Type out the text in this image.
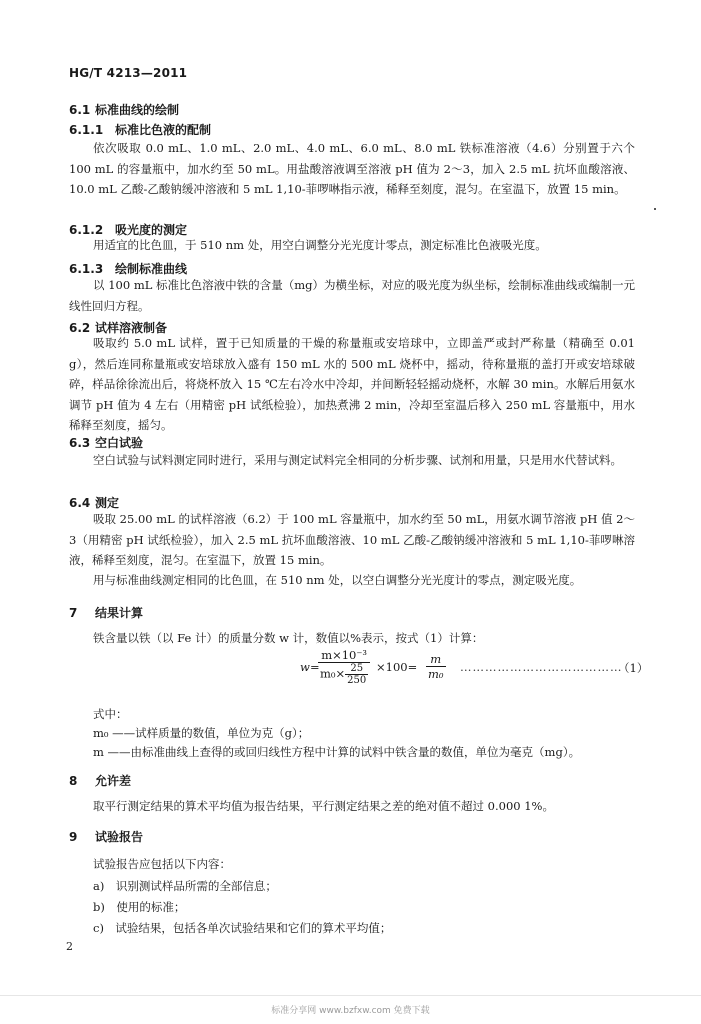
HG/T 4213—2011
6.1 标准曲线的绘制
6.1.1 标准比色液的配制
依次吸取 0.0 mL、1.0 mL、2.0 mL、4.0 mL、6.0 mL、8.0 mL 铁标准溶液（4.6）分别置于六个 100 mL 的容量瓶中，加水约至 50 mL。用盐酸溶液调至溶液 pH 值为 2～3，加入 2.5 mL 抗坏血酸溶液、10.0 mL 乙酸-乙酸钠缓冲溶液和 5 mL 1,10-菲啰啉指示液，稀释至刻度，混匀。在室温下，放置 15 min。
6.1.2 吸光度的测定
用适宜的比色皿，于 510 nm 处，用空白调整分光光度计零点，测定标准比色液吸光度。
6.1.3 绘制标准曲线
以 100 mL 标准比色溶液中铁的含量（mg）为横坐标，对应的吸光度为纵坐标，绘制标准曲线或编制一元线性回归方程。
6.2 试样溶液制备
吸取约 5.0 mL 试样，置于已知质量的干燥的称量瓶或安培球中，立即盖严或封严称量（精确至 0.01 g），然后连同称量瓶或安培球放入盛有 150 mL 水的 500 mL 烧杯中，摇动，待称量瓶的盖打开或安培球破碎，样品徐徐流出后，将烧杯放入 15 ℃左右冷水中冷却，并间断轻轻摇动烧杯，水解 30 min。水解后用氨水调节 pH 值为 4 左右（用精密 pH 试纸检验），加热煮沸 2 min，冷却至室温后移入 250 mL 容量瓶中，用水稀释至刻度，摇匀。
6.3 空白试验
空白试验与试料测定同时进行，采用与测定试料完全相同的分析步骤、试剂和用量，只是用水代替试料。
6.4 测定
吸取 25.00 mL 的试样溶液（6.2）于 100 mL 容量瓶中，加水约至 50 mL，用氨水调节溶液 pH 值 2～3（用精密 pH 试纸检验），加入 2.5 mL 抗坏血酸溶液、10 mL 乙酸-乙酸钠缓冲溶液和 5 mL 1,10-菲啰啉溶液，稀释至刻度，混匀。在室温下，放置 15 min。
用与标准曲线测定相同的比色皿，在 510 nm 处，以空白调整分光光度计的零点，测定吸光度。
7 结果计算
铁含量以铁（以 Fe 计）的质量分数 w 计，数值以%表示，按式（1）计算：
w =
$\frac{\text{m×10⁻³}}{m_0\times \frac{25}{250}} \times 100= \frac{m}{\text{m₀}}$ …………………………………
（1）
式中：
m₀ ——试样质量的数值，单位为克（g）；
m ——由标准曲线上查得的或回归线性方程中计算的试料中铁含量的数值，单位为毫克（mg）。
8 允许差
取平行测定结果的算术平均值为报告结果，平行测定结果之差的绝对值不超过 0.000 1%。
9 试验报告
试验报告应包括以下内容：
a)　识别测试样品所需的全部信息；
b)　使用的标准；
c)　试验结果，包括各单次试验结果和它们的算术平均值；
2
标准分享网 www.bzfxw.com 免费下载
